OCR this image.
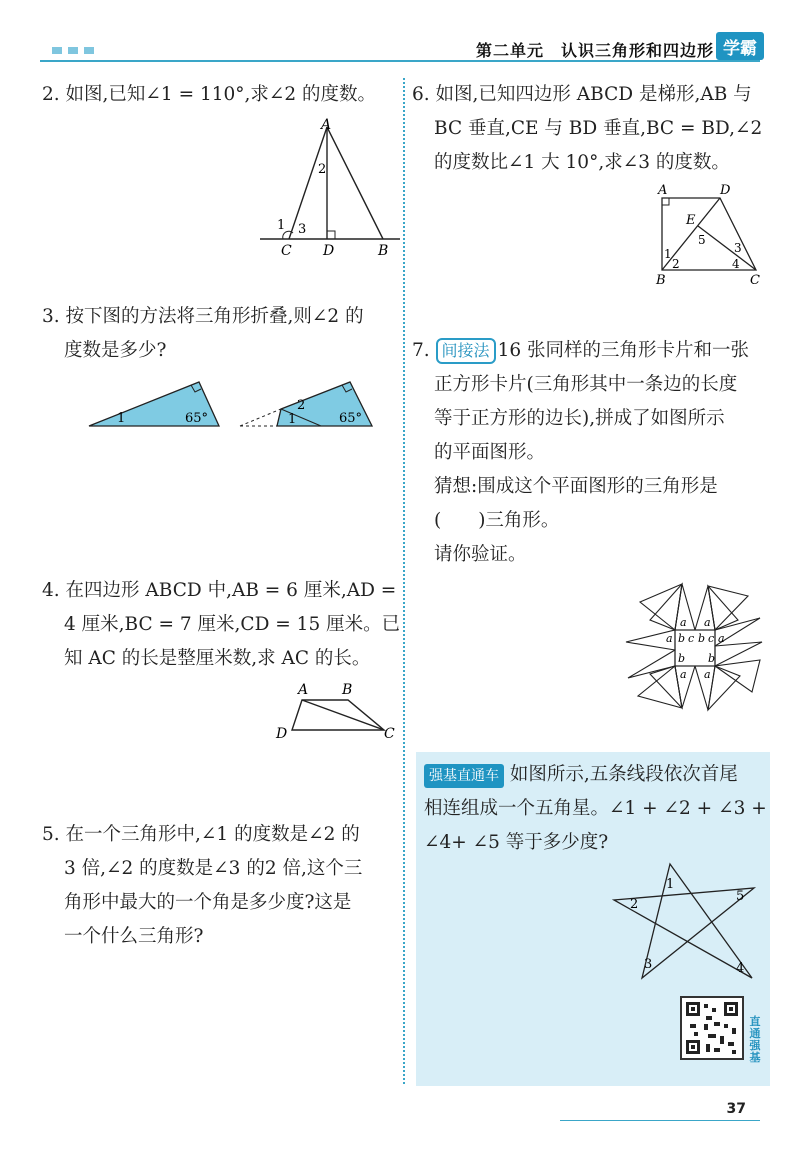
第二单元　认识三角形和四边形 学霸
2. 如图,已知∠1 = 110°,求∠2 的度数。
A
C D	B
1 3
2
3. 按下图的方法将三角形折叠,则∠2 的
度数是多少?
1	65°
2
1	65°
4. 在四边形 ABCD 中,AB = 6 厘米,AD =
4 厘米,BC = 7 厘米,CD = 15 厘米。已
知 AC 的长是整厘米数,求 AC 的长。
A B
C
D
5. 在一个三角形中,∠1 的度数是∠2 的
3 倍,∠2 的度数是∠3 的2 倍,这个三
角形中最大的一个角是多少度?这是
一个什么三角形?
6. 如图,已知四边形 ABCD 是梯形,AB 与
BC 垂直,CE 与 BD 垂直,BC = BD,∠2
的度数比∠1 大 10°,求∠3 的度数。
A	D
E
B	C
1
2
3
4
5
7. 间接法 16 张同样的三角形卡片和一张
正方形卡片(三角形其中一条边的长度
等于正方形的边长),拼成了如图所示
的平面图形。
猜想:围成这个平面图形的三角形是
(　　)三角形。
请你验证。
a a
a	a
b c b c
b b
a a
强基直通车 如图所示,五条线段依次首尾
相连组成一个五角星。∠1 + ∠2 + ∠3 +
∠4+ ∠5 等于多少度?
1
2
3	4
5
直通强基
37
